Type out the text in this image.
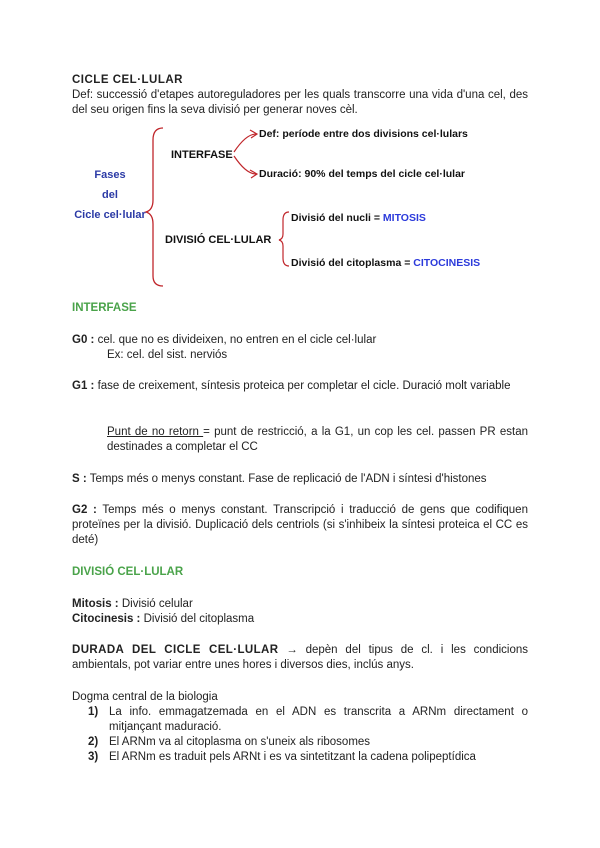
CICLE CEL·LULAR
Def: successió d'etapes autoreguladores per les quals transcorre una vida d'una cel, des del seu origen fins la seva divisió per generar noves cèl.
Fases
del
Cicle cel·lular
INTERFASE
Def: període entre dos divisions cel·lulars
Duració: 90% del temps del cicle cel·lular
DIVISIÓ CEL·LULAR
Divisió del nucli = MITOSIS
Divisió del citoplasma = CITOCINESIS
INTERFASE
G0 : cel. que no es divideixen, no entren en el cicle cel·lular
Ex: cel. del sist. nerviós
G1 : fase de creixement, síntesis proteica per completar el cicle. Duració molt variable
Punt de no retorn = punt de restricció, a la G1, un cop les cel. passen PR estan destinades a completar el CC
S : Temps més o menys constant. Fase de replicació de l'ADN i síntesi d'histones
G2 : Temps més o menys constant. Transcripció i traducció de gens que codifiquen proteïnes per la divisió. Duplicació dels centriols (si s'inhibeix la síntesi proteica el CC es deté)
DIVISIÓ CEL·LULAR
Mitosis : Divisió celular
Citocinesis : Divisió del citoplasma
DURADA DEL CICLE CEL·LULAR → depèn del tipus de cl. i les condicions ambientals, pot variar entre unes hores i diversos dies, inclús anys.
Dogma central de la biologia
1) La info. emmagatzemada en el ADN es transcrita a ARNm directament o mitjançant maduració.
2) El ARNm va al citoplasma on s'uneix als ribosomes
3) El ARNm es traduit pels ARNt i es va sintetitzant la cadena polipeptídica
